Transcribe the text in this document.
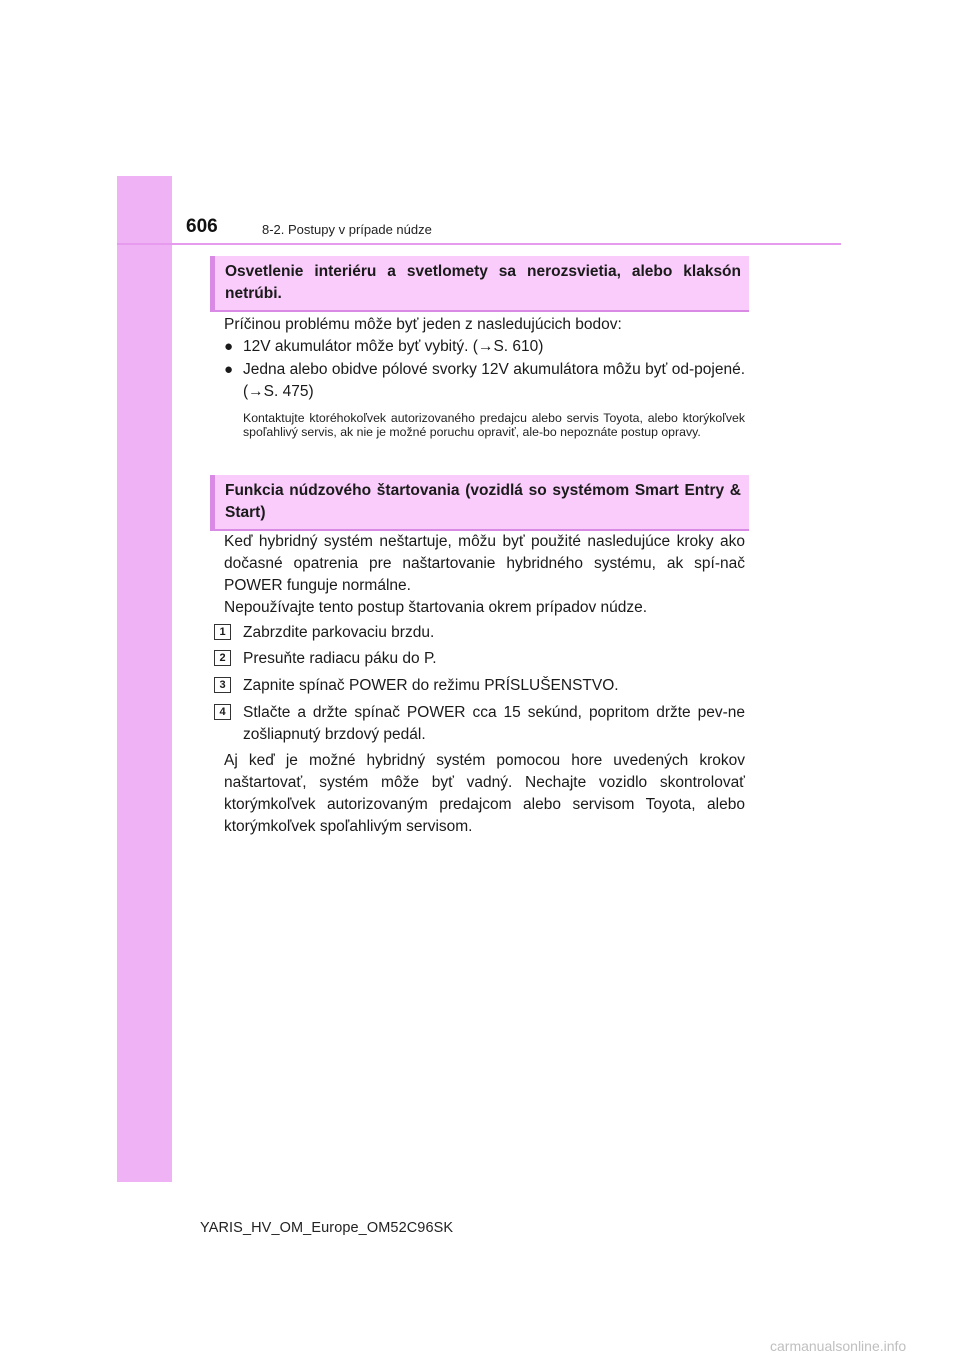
606	8-2. Postupy v prípade núdze
Osvetlenie interiéru a svetlomety sa nerozsvietia, alebo klaksón netrúbi.
Príčinou problému môže byť jeden z nasledujúcich bodov:
● 12V akumulátor môže byť vybitý. (→S. 610)
● Jedna alebo obidve pólové svorky 12V akumulátora môžu byť od-pojené. (→S. 475)
Kontaktujte ktoréhokoľvek autorizovaného predajcu alebo servis Toyota, alebo ktorýkoľvek spoľahlivý servis, ak nie je možné poruchu opraviť, ale-bo nepoznáte postup opravy.
Funkcia núdzového štartovania (vozidlá so systémom Smart Entry & Start)
Keď hybridný systém neštartuje, môžu byť použité nasledujúce kroky ako dočasné opatrenia pre naštartovanie hybridného systému, ak spí-nač POWER funguje normálne.
Nepoužívajte tento postup štartovania okrem prípadov núdze.
1	Zabrzdite parkovaciu brzdu.
2	Presuňte radiacu páku do P.
3	Zapnite spínač POWER do režimu PRÍSLUŠENSTVO.
4	Stlačte a držte spínač POWER cca 15 sekúnd, popritom držte pev-ne zošliapnutý brzdový pedál.
Aj keď je možné hybridný systém pomocou hore uvedených krokov naštartovať, systém môže byť vadný. Nechajte vozidlo skontrolovať ktorýmkoľvek autorizovaným predajcom alebo servisom Toyota, alebo ktorýmkoľvek spoľahlivým servisom.
YARIS_HV_OM_Europe_OM52C96SK
carmanualsonline.info
